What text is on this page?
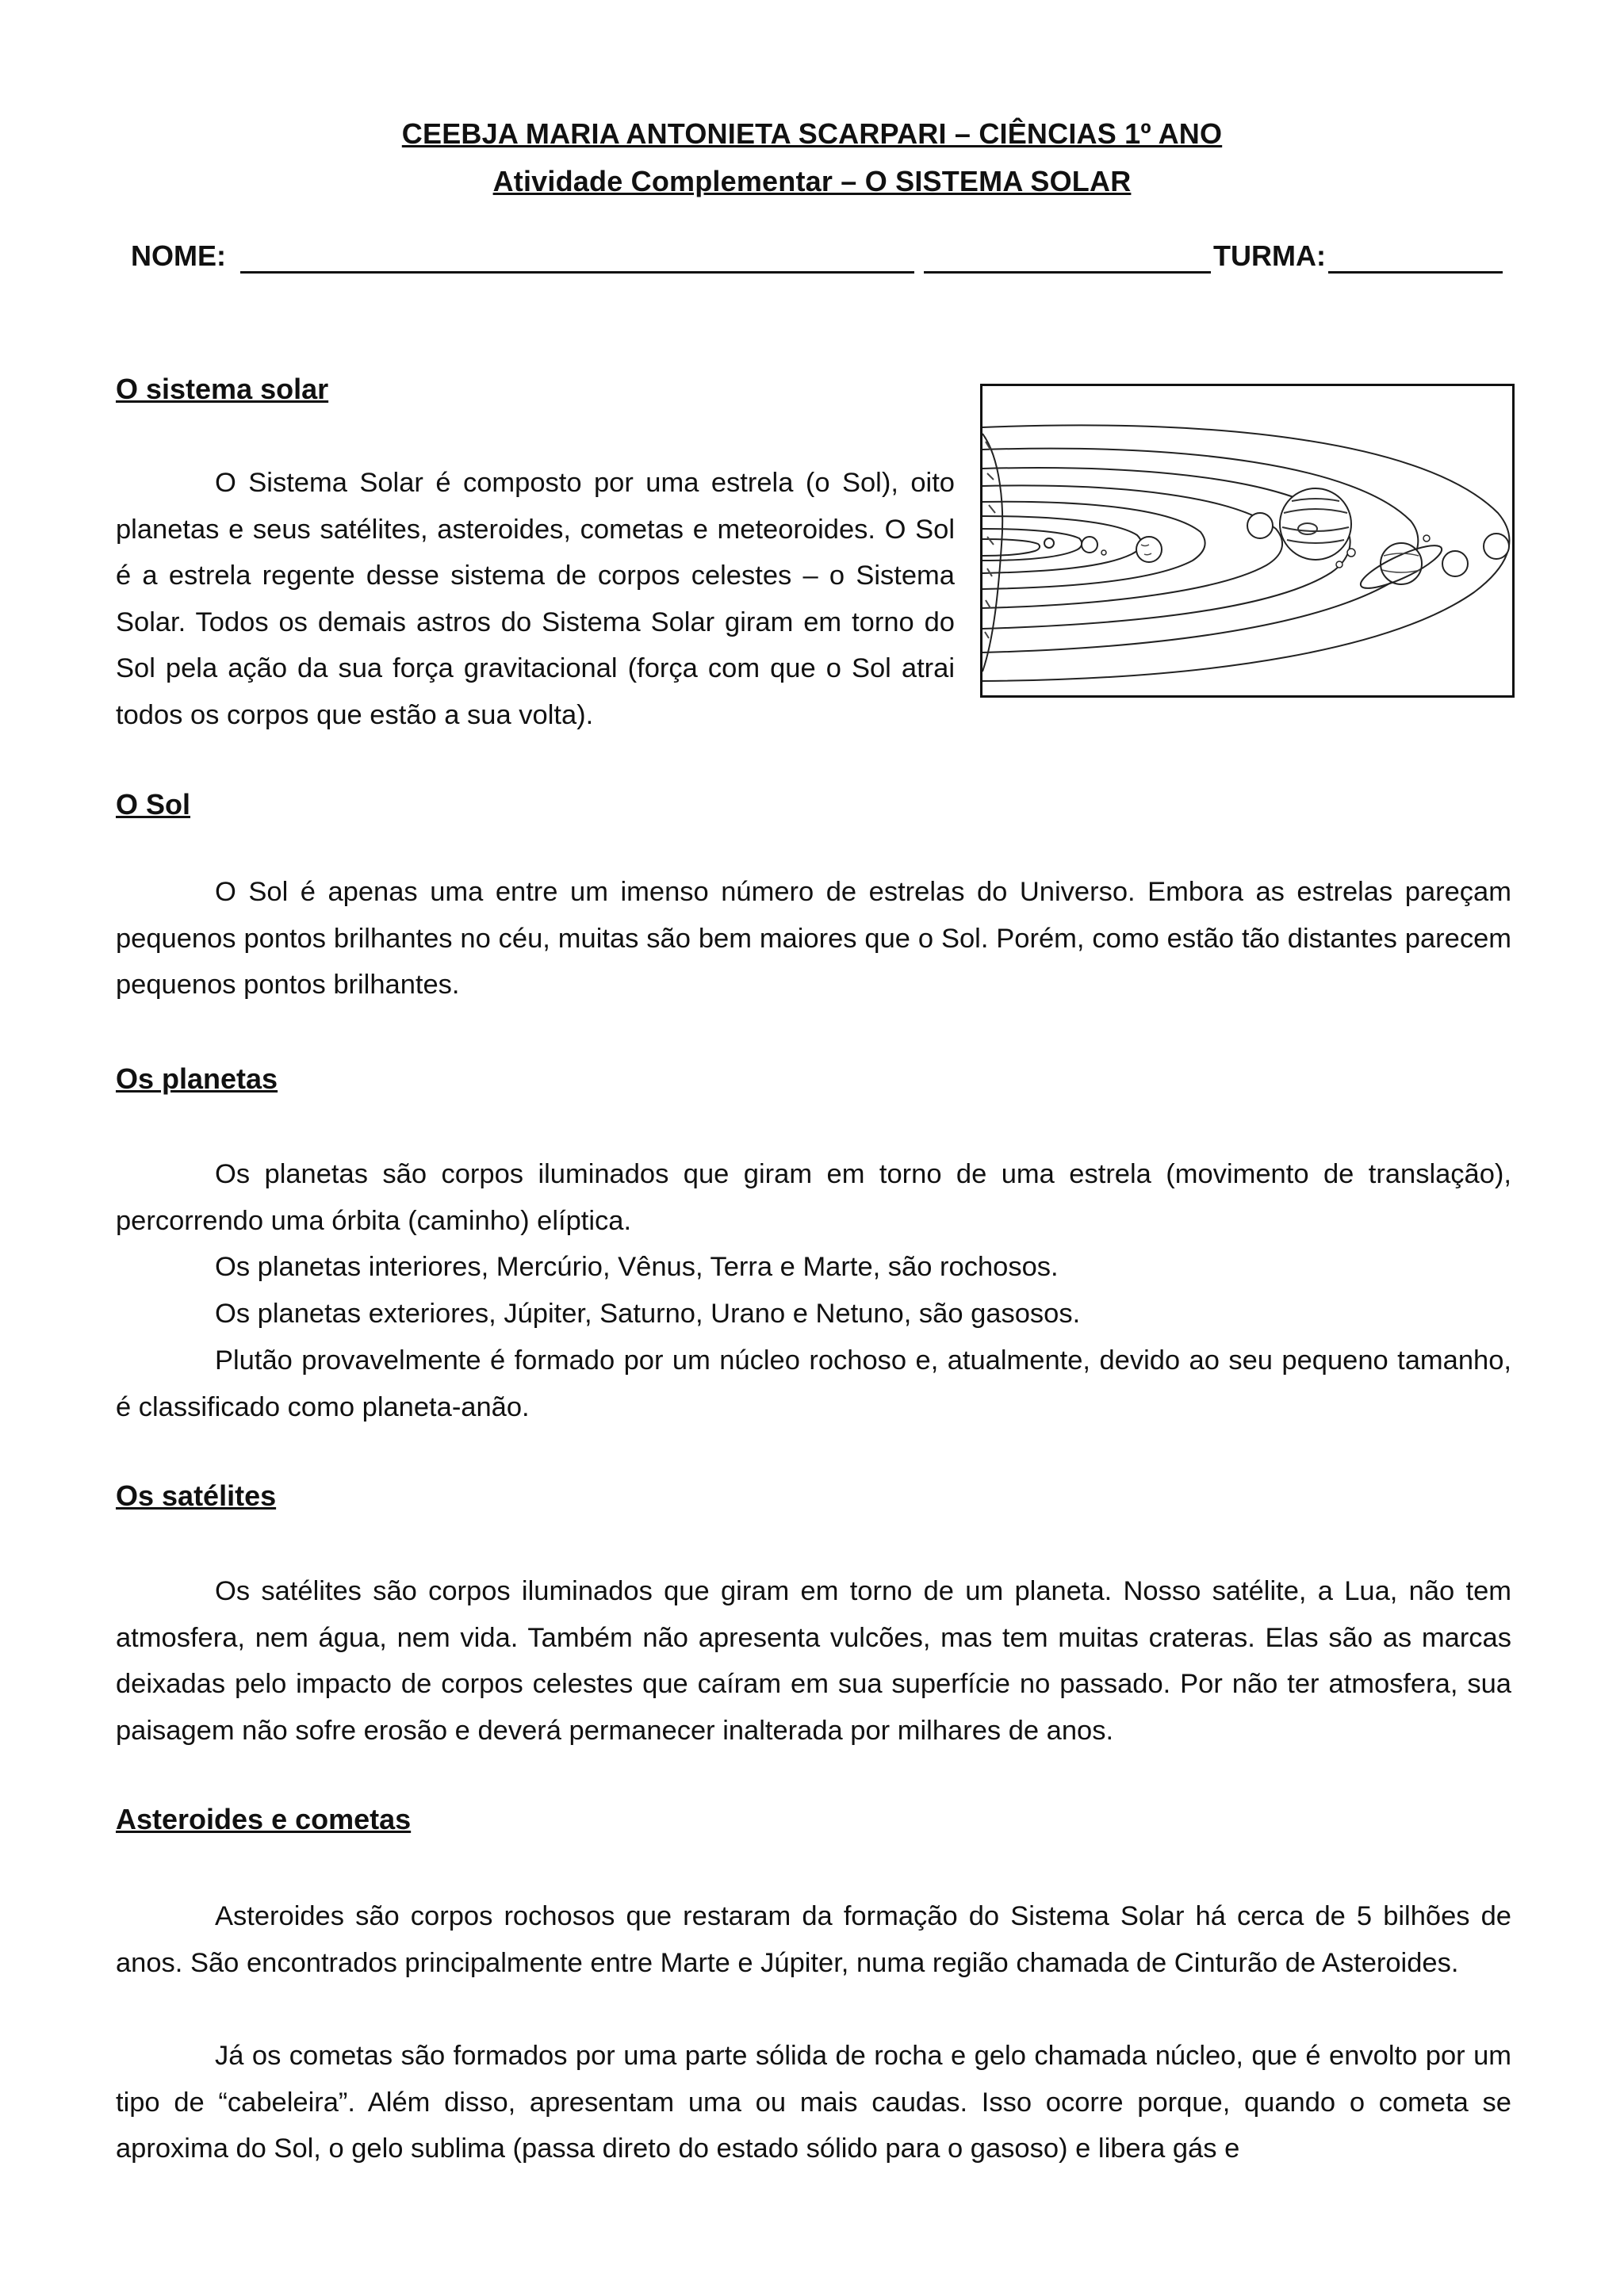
CEEBJA MARIA ANTONIETA SCARPARI – CIÊNCIAS 1º ANO
Atividade Complementar – O SISTEMA SOLAR
NOME:	TURMA:
O sistema solar

O Sistema Solar é composto por uma estrela (o Sol), oito planetas e seus satélites, asteroides, cometas e meteoroides. O Sol é a estrela regente desse sistema de corpos celestes – o Sistema Solar. Todos os demais astros do Sistema Solar giram em torno do Sol pela ação da sua força gravitacional (força com que o Sol atrai todos os corpos que estão a sua volta).

O Sol

O Sol é apenas uma entre um imenso número de estrelas do Universo. Embora as estrelas pareçam pequenos pontos brilhantes no céu, muitas são bem maiores que o Sol. Porém, como estão tão distantes parecem pequenos pontos brilhantes.

Os planetas

Os planetas são corpos iluminados que giram em torno de uma estrela (movimento de translação), percorrendo uma órbita (caminho) elíptica.

Os planetas interiores, Mercúrio, Vênus, Terra e Marte, são rochosos.

Os planetas exteriores, Júpiter, Saturno, Urano e Netuno, são gasosos.

Plutão provavelmente é formado por um núcleo rochoso e, atualmente, devido ao seu pequeno tamanho, é classificado como planeta-anão.

Os satélites

Os satélites são corpos iluminados que giram em torno de um planeta. Nosso satélite, a Lua, não tem atmosfera, nem água, nem vida. Também não apresenta vulcões, mas tem muitas crateras. Elas são as marcas deixadas pelo impacto de corpos celestes que caíram em sua superfície no passado. Por não ter atmosfera, sua paisagem não sofre erosão e deverá permanecer inalterada por milhares de anos.

Asteroides e cometas

Asteroides são corpos rochosos que restaram da formação do Sistema Solar há cerca de 5 bilhões de anos. São encontrados principalmente entre Marte e Júpiter, numa região chamada de Cinturão de Asteroides.

Já os cometas são formados por uma parte sólida de rocha e gelo chamada núcleo, que é envolto por um tipo de “cabeleira”. Além disso, apresentam uma ou mais caudas. Isso ocorre porque, quando o cometa se aproxima do Sol, o gelo sublima (passa direto do estado sólido para o gasoso) e libera gás e
